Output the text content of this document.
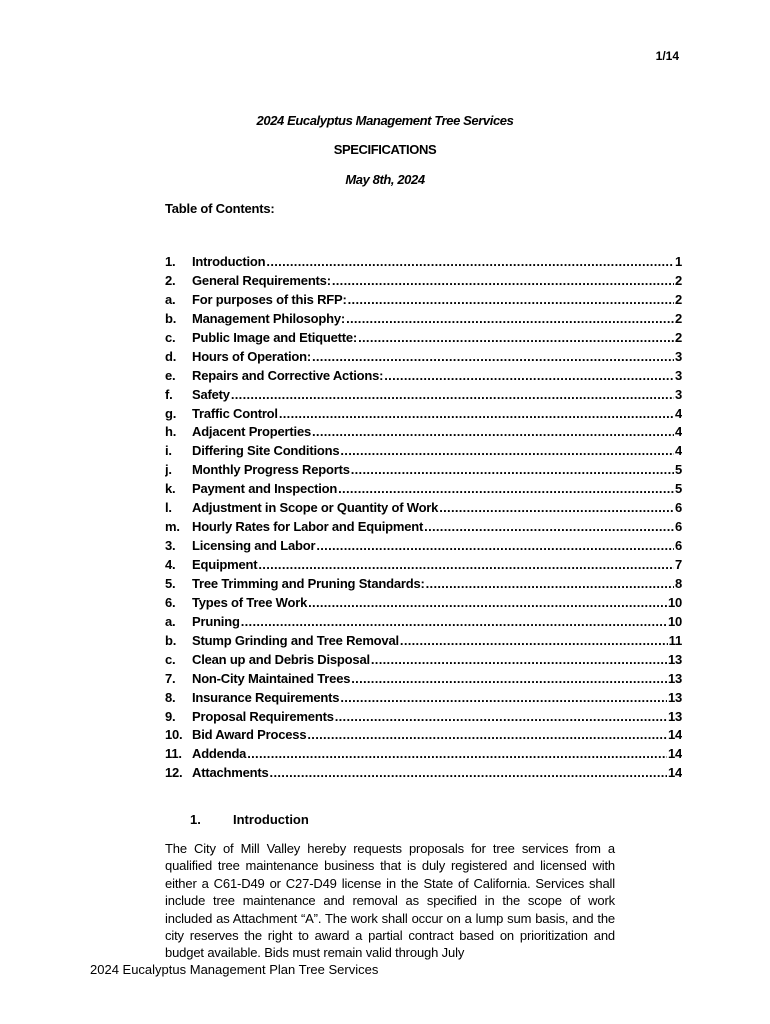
1/14
2024 Eucalyptus Management Tree Services
SPECIFICATIONS
May 8th, 2024
Table of Contents:
1.	Introduction .....	1
2.	General Requirements: .....	2
a.	For purposes of this RFP: .....	2
b.	Management Philosophy: .....	2
c.	Public Image and Etiquette: .....	2
d.	Hours of Operation: .....	3
e.	Repairs and Corrective Actions: .....	3
f.	Safety .....	3
g.	Traffic Control .....	4
h.	Adjacent Properties .....	4
i.	Differing Site Conditions .....	4
j.	Monthly Progress Reports .....	5
k.	Payment and Inspection .....	5
l.	Adjustment in Scope or Quantity of Work .....	6
m. Hourly Rates for Labor and Equipment .....	6
3.	Licensing and Labor .....	6
4.	Equipment .....	7
5.	Tree Trimming and Pruning Standards: .....	8
6.	Types of Tree Work .....	10
a.	Pruning .....	10
b.	Stump Grinding and Tree Removal .....	11
c.	Clean up and Debris Disposal .....	13
7.	Non-City Maintained Trees .....	13
8.	Insurance Requirements .....	13
9.	Proposal Requirements .....	13
10. Bid Award Process .....	14
11. Addenda .....	14
12. Attachments .....	14
1. Introduction

The City of Mill Valley hereby requests proposals for tree services from a qualified tree maintenance business that is duly registered and licensed with either a C61-D49 or C27-D49 license in the State of California. Services shall include tree maintenance and removal as specified in the scope of work included as Attachment “A”. The work shall occur on a lump sum basis, and the city reserves the right to award a partial contract based on prioritization and budget available. Bids must remain valid through July

2024 Eucalyptus Management Plan Tree Services
